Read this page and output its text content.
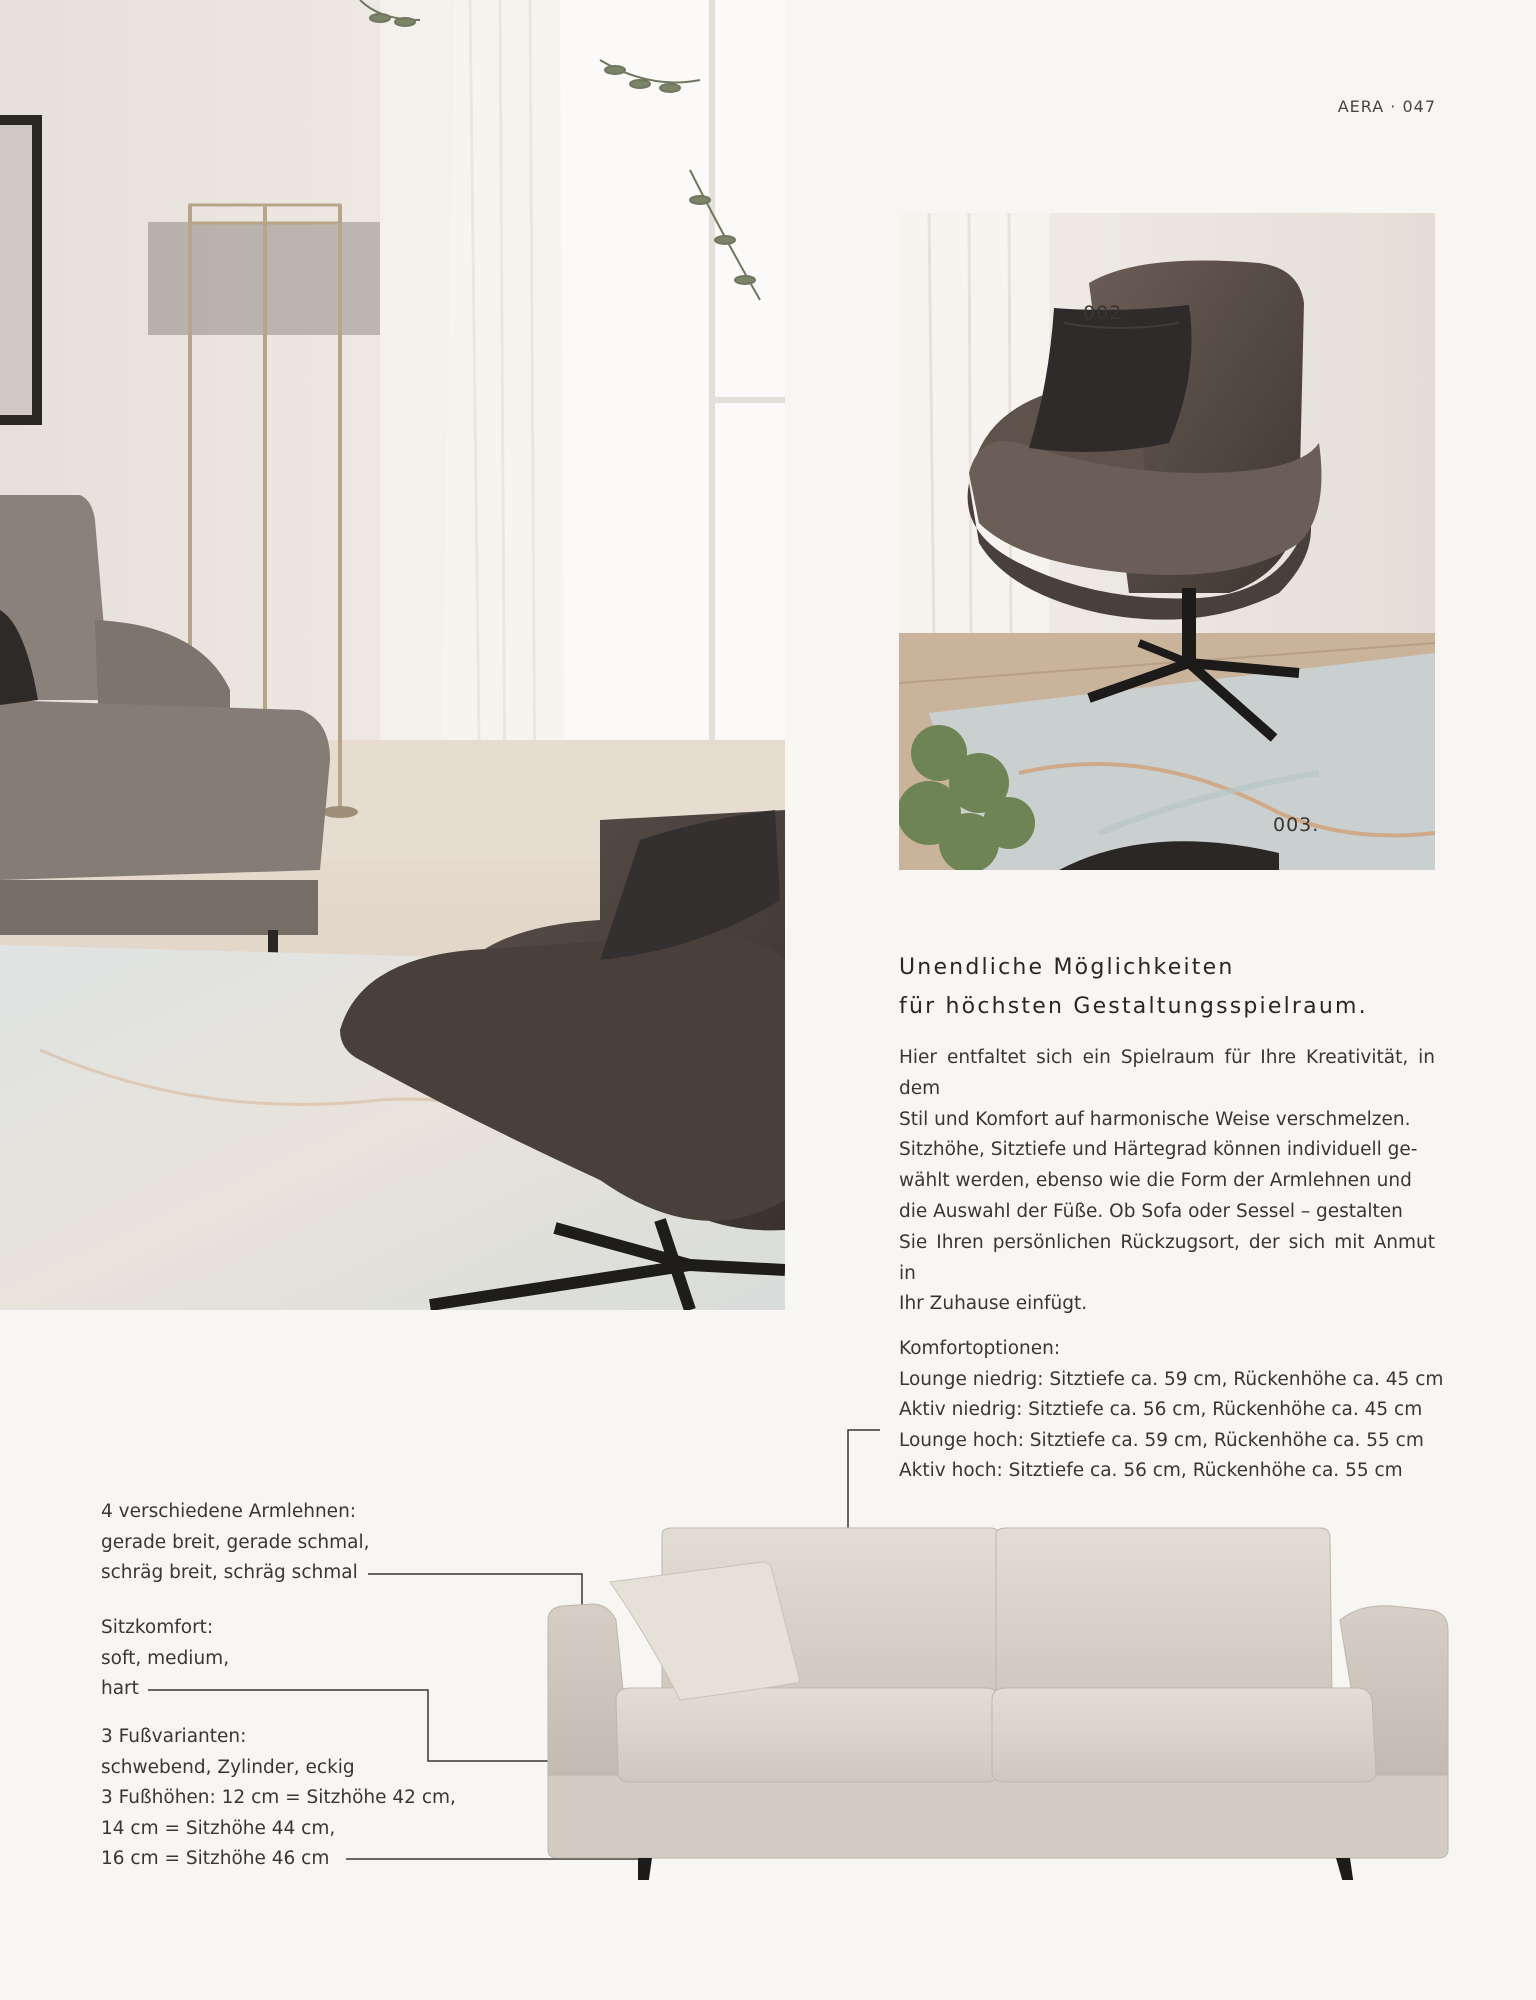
002.
003.
AERA · 047
Unendliche Möglichkeiten
für höchsten Gestaltungsspielraum.
Hier entfaltet sich ein Spielraum für Ihre Kreativität, in dem
Stil und Komfort auf harmonische Weise verschmelzen.
Sitzhöhe, Sitztiefe und Härtegrad können individuell ge-
wählt werden, ebenso wie die Form der Armlehnen und
die Auswahl der Füße. Ob Sofa oder Sessel – gestalten
Sie Ihren persönlichen Rückzugsort, der sich mit Anmut in
Ihr Zuhause einfügt.
Komfortoptionen:
Lounge niedrig: Sitztiefe ca. 59 cm, Rückenhöhe ca. 45 cm
Aktiv niedrig: Sitztiefe ca. 56 cm, Rückenhöhe ca. 45 cm
Lounge hoch: Sitztiefe ca. 59 cm, Rückenhöhe ca. 55 cm
Aktiv hoch: Sitztiefe ca. 56 cm, Rückenhöhe ca. 55 cm
4 verschiedene Armlehnen:
gerade breit, gerade schmal,
schräg breit, schräg schmal
Sitzkomfort:
soft, medium,
hart
3 Fußvarianten:
schwebend, Zylinder, eckig
3 Fußhöhen: 12 cm = Sitzhöhe 42 cm,
14 cm = Sitzhöhe 44 cm,
16 cm = Sitzhöhe 46 cm
